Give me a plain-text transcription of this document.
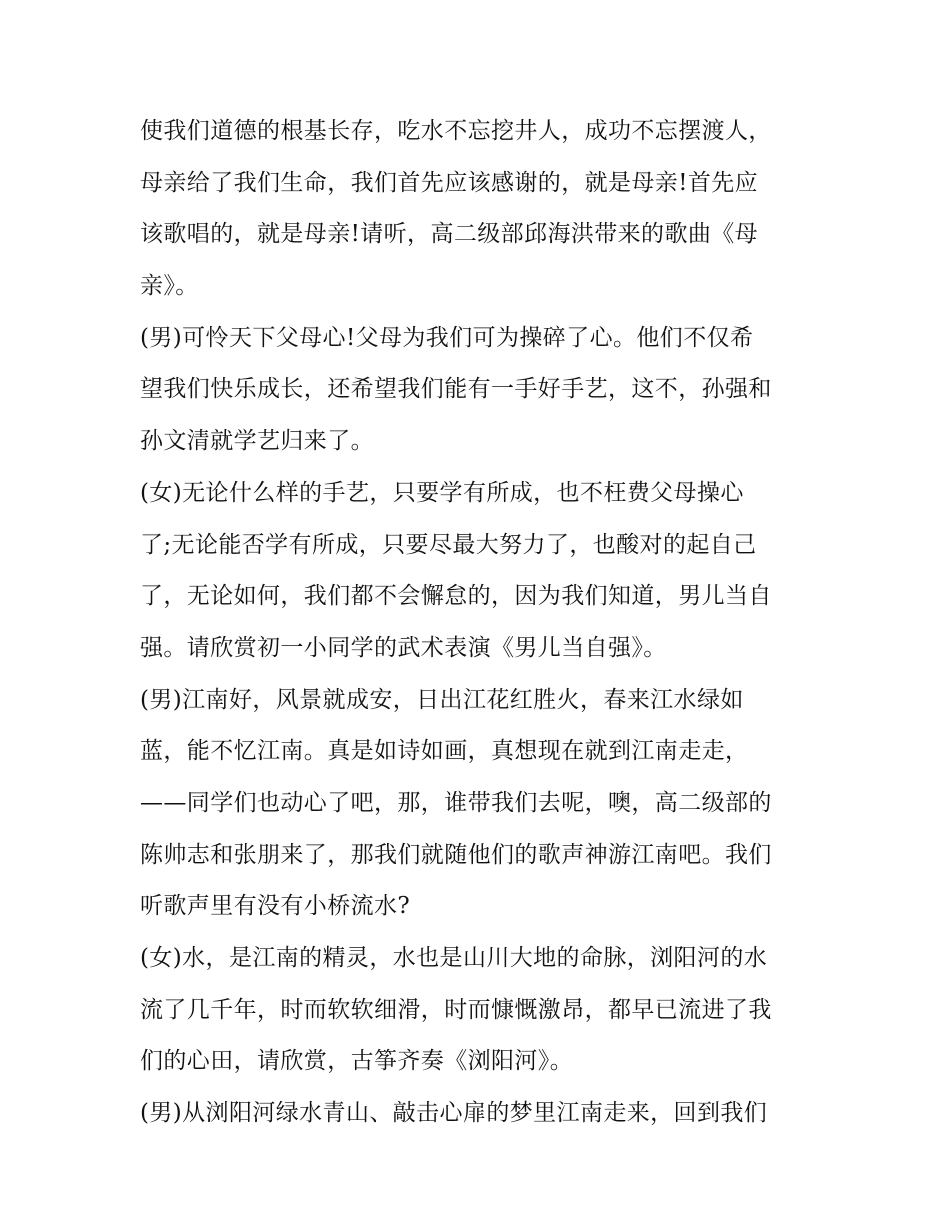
使我们道德的根基长存，吃水不忘挖井人，成功不忘摆渡人，
母亲给了我们生命，我们首先应该感谢的，就是母亲!首先应
该歌唱的，就是母亲!请听，高二级部邱海洪带来的歌曲《母
亲》。
(男)可怜天下父母心!父母为我们可为操碎了心。他们不仅希
望我们快乐成长，还希望我们能有一手好手艺，这不，孙强和
孙文清就学艺归来了。
(女)无论什么样的手艺，只要学有所成，也不枉费父母操心
了;无论能否学有所成，只要尽最大努力了，也酸对的起自己
了，无论如何，我们都不会懈怠的，因为我们知道，男儿当自
强。请欣赏初一小同学的武术表演《男儿当自强》。
(男)江南好，风景就成安，日出江花红胜火，春来江水绿如
蓝，能不忆江南。真是如诗如画，真想现在就到江南走走，
——同学们也动心了吧，那，谁带我们去呢，噢，高二级部的
陈帅志和张朋来了，那我们就随他们的歌声神游江南吧。我们
听歌声里有没有小桥流水?
(女)水，是江南的精灵，水也是山川大地的命脉，浏阳河的水
流了几千年，时而软软细滑，时而慷慨激昂，都早已流进了我
们的心田，请欣赏，古筝齐奏《浏阳河》。
(男)从浏阳河绿水青山、敲击心扉的梦里江南走来，回到我们
